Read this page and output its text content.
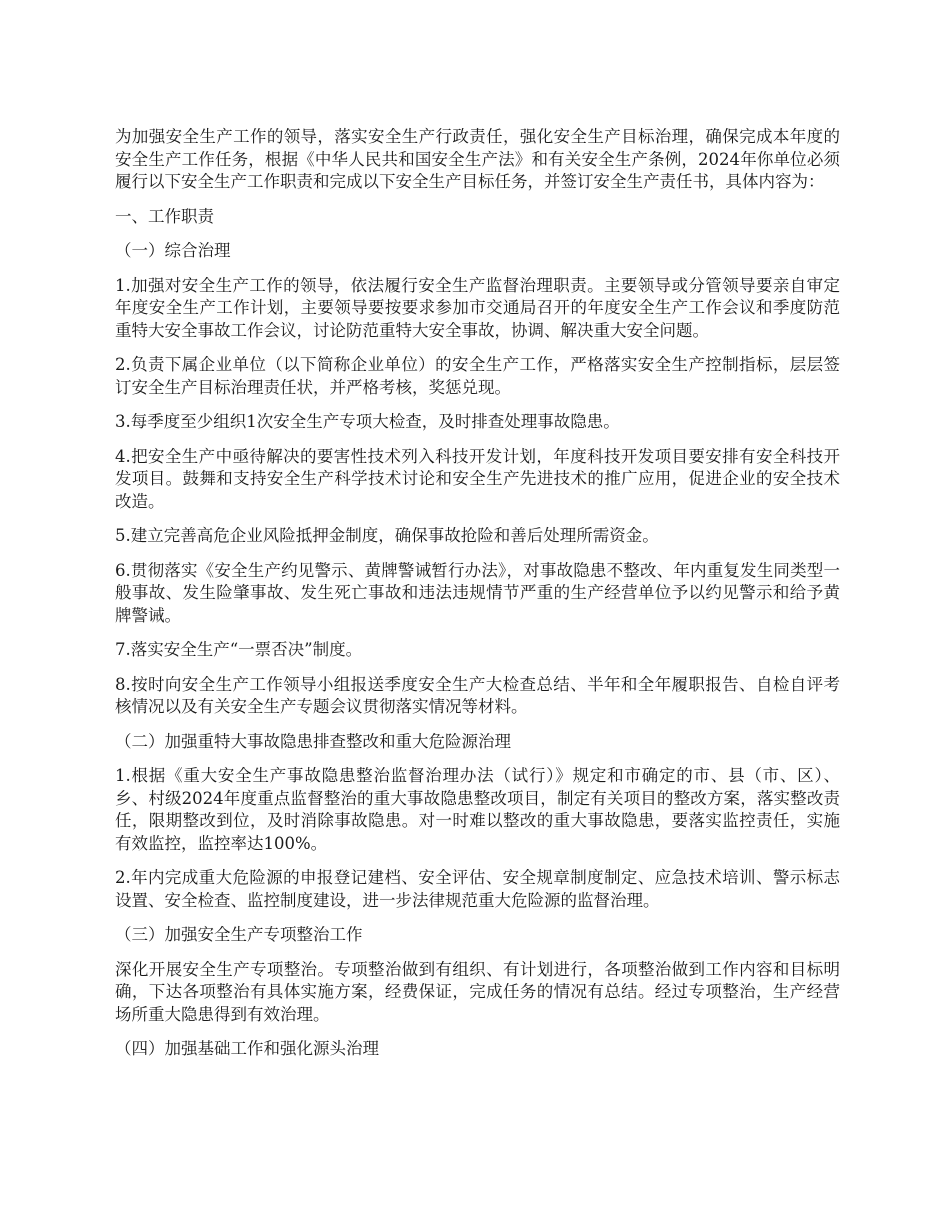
为加强安全生产工作的领导，落实安全生产行政责任，强化安全生产目标治理，确保完成本年度的安全生产工作任务，根据《中华人民共和国安全生产法》和有关安全生产条例，2024年你单位必须履行以下安全生产工作职责和完成以下安全生产目标任务，并签订安全生产责任书，具体内容为：

一、工作职责

（一）综合治理

1.加强对安全生产工作的领导，依法履行安全生产监督治理职责。主要领导或分管领导要亲自审定年度安全生产工作计划，主要领导要按要求参加市交通局召开的年度安全生产工作会议和季度防范重特大安全事故工作会议，讨论防范重特大安全事故，协调、解决重大安全问题。

2.负责下属企业单位（以下简称企业单位）的安全生产工作，严格落实安全生产控制指标，层层签订安全生产目标治理责任状，并严格考核，奖惩兑现。

3.每季度至少组织1次安全生产专项大检查，及时排查处理事故隐患。

4.把安全生产中亟待解决的要害性技术列入科技开发计划，年度科技开发项目要安排有安全科技开发项目。鼓舞和支持安全生产科学技术讨论和安全生产先进技术的推广应用，促进企业的安全技术改造。

5.建立完善高危企业风险抵押金制度，确保事故抢险和善后处理所需资金。

6.贯彻落实《安全生产约见警示、黄牌警诫暂行办法》，对事故隐患不整改、年内重复发生同类型一般事故、发生险肇事故、发生死亡事故和违法违规情节严重的生产经营单位予以约见警示和给予黄牌警诫。

7.落实安全生产“一票否决”制度。

8.按时向安全生产工作领导小组报送季度安全生产大检查总结、半年和全年履职报告、自检自评考核情况以及有关安全生产专题会议贯彻落实情况等材料。

（二）加强重特大事故隐患排查整改和重大危险源治理

1.根据《重大安全生产事故隐患整治监督治理办法（试行）》规定和市确定的市、县（市、区）、乡、村级2024年度重点监督整治的重大事故隐患整改项目，制定有关项目的整改方案，落实整改责任，限期整改到位，及时消除事故隐患。对一时难以整改的重大事故隐患，要落实监控责任，实施有效监控，监控率达100%。

2.年内完成重大危险源的申报登记建档、安全评估、安全规章制度制定、应急技术培训、警示标志设置、安全检查、监控制度建设，进一步法律规范重大危险源的监督治理。

（三）加强安全生产专项整治工作

深化开展安全生产专项整治。专项整治做到有组织、有计划进行，各项整治做到工作内容和目标明确，下达各项整治有具体实施方案，经费保证，完成任务的情况有总结。经过专项整治，生产经营场所重大隐患得到有效治理。

（四）加强基础工作和强化源头治理
